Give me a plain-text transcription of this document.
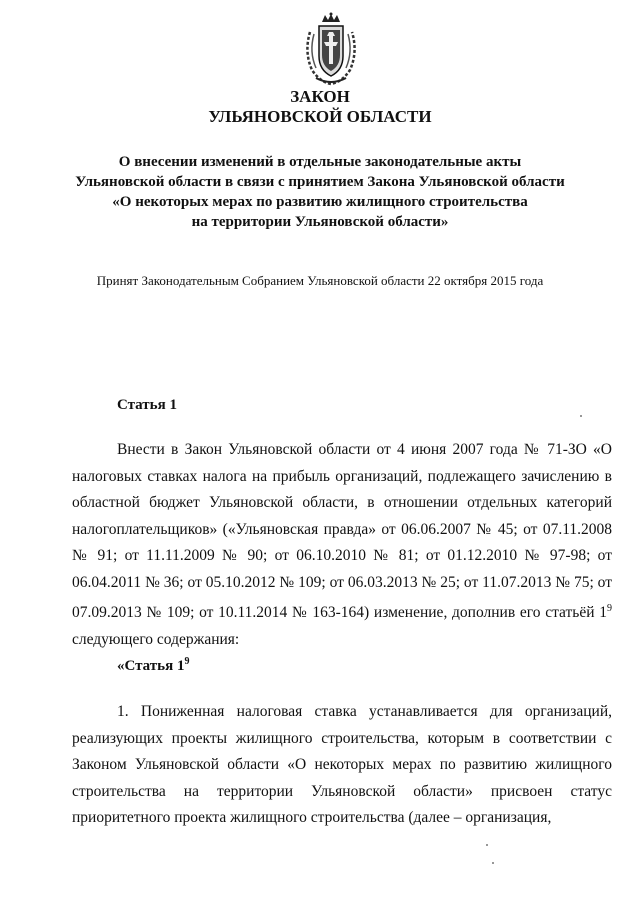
ЗАКОН
УЛЬЯНОВСКОЙ ОБЛАСТИ
О внесении изменений в отдельные законодательные акты
Ульяновской области в связи с принятием Закона Ульяновской области
«О некоторых мерах по развитию жилищного строительства
на территории Ульяновской области»
Принят Законодательным Собранием Ульяновской области 22 октября 2015 года
Статья 1
Внести в Закон Ульяновской области от 4 июня 2007 года № 71-ЗО «О налоговых ставках налога на прибыль организаций, подлежащего зачислению в областной бюджет Ульяновской области, в отношении отдельных категорий налогоплательщиков» («Ульяновская правда» от 06.06.2007 № 45; от 07.11.2008 № 91; от 11.11.2009 № 90; от 06.10.2010 № 81; от 01.12.2010 № 97-98; от 06.04.2011 № 36; от 05.10.2012 № 109; от 06.03.2013 № 25; от 11.07.2013 № 75; от 07.09.2013 № 109; от 10.11.2014 № 163-164) изменение, дополнив его статьёй $1^9$ следующего содержания:
«Статья $1^9$
1. Пониженная налоговая ставка устанавливается для организаций, реализующих проекты жилищного строительства, которым в соответствии с Законом Ульяновской области «О некоторых мерах по развитию жилищного строительства на территории Ульяновской области» присвоен статус приоритетного проекта жилищного строительства (далее – организация,
